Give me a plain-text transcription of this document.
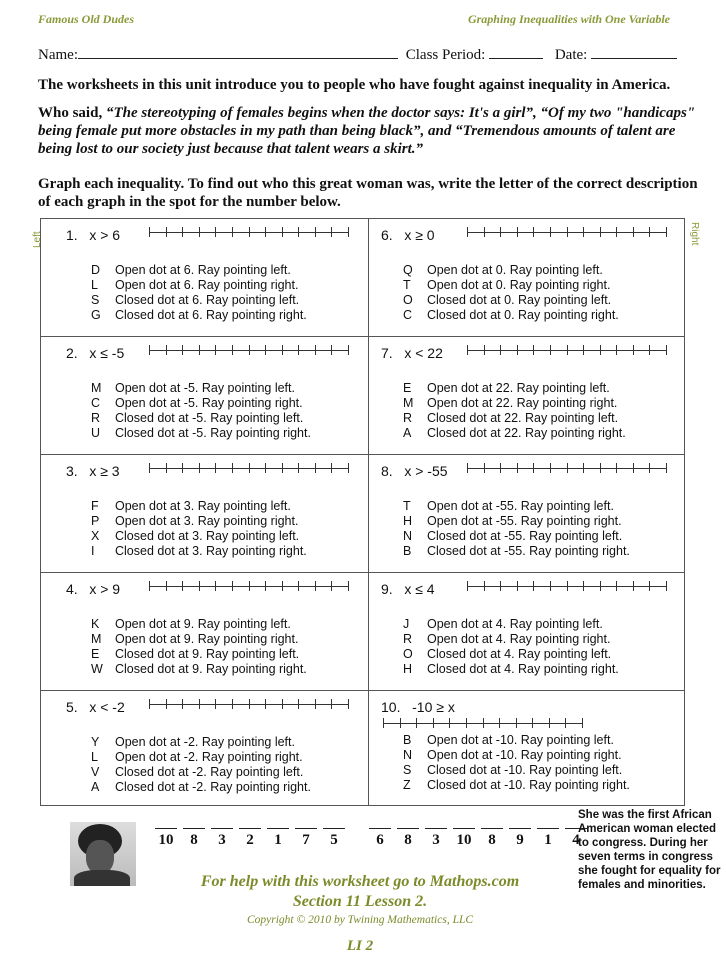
Famous Old Dudes	Graphing Inequalities with One Variable
Name:	Class Period:	Date:
The worksheets in this unit introduce you to people who have fought against inequality in America.
Who said, “The stereotyping of females begins when the doctor says: It's a girl”, “Of my two "handicaps" being female put more obstacles in my path than being black”, and “Tremendous amounts of talent are being lost to our society just because that talent wears a skirt.”
Graph each inequality. To find out who this great woman was, write the letter of the correct description of each graph in the spot for the number below.
Left	Right
1.   x > 6
D Open dot at 6. Ray pointing left.
L Open dot at 6. Ray pointing right.
S Closed dot at 6. Ray pointing left.
G Closed dot at 6. Ray pointing right.
2.   x ≤ -5
M Open dot at -5. Ray pointing left.
C Open dot at -5. Ray pointing right.
R Closed dot at -5. Ray pointing left.
U Closed dot at -5. Ray pointing right.
3.   x ≥ 3
F Open dot at 3. Ray pointing left.
P Open dot at 3. Ray pointing right.
X Closed dot at 3. Ray pointing left.
I Closed dot at 3. Ray pointing right.
4.   x > 9
K Open dot at 9. Ray pointing left.
M Open dot at 9. Ray pointing right.
E Closed dot at 9. Ray pointing left.
W Closed dot at 9. Ray pointing right.
5.   x < -2
Y Open dot at -2. Ray pointing left.
L Open dot at -2. Ray pointing right.
V Closed dot at -2. Ray pointing left.
A Closed dot at -2. Ray pointing right.
6.   x ≥ 0
Q Open dot at 0. Ray pointing left.
T Open dot at 0. Ray pointing right.
O Closed dot at 0. Ray pointing left.
C Closed dot at 0. Ray pointing right.
7.   x < 22
E Open dot at 22. Ray pointing left.
M Open dot at 22. Ray pointing right.
R Closed dot at 22. Ray pointing left.
A Closed dot at 22. Ray pointing right.
8.   x > -55
T Open dot at -55. Ray pointing left.
H Open dot at -55. Ray pointing right.
N Closed dot at -55. Ray pointing left.
B Closed dot at -55. Ray pointing right.
9.   x ≤ 4
J Open dot at 4. Ray pointing left.
R Open dot at 4. Ray pointing right.
O Closed dot at 4. Ray pointing left.
H Closed dot at 4. Ray pointing right.
10.   -10 ≥ x
B Open dot at -10. Ray pointing left.
N Open dot at -10. Ray pointing right.
S Closed dot at -10. Ray pointing left.
Z Closed dot at -10. Ray pointing right.
10	8	3	2	1	7	5	6	8	3	10	8	9	1	4
For help with this worksheet go to Mathops.com
Section 11 Lesson 2.
Copyright © 2010 by Twining Mathematics, LLC
LI 2
She was the first African American woman elected to congress. During her seven terms in congress she fought for equality for females and minorities.
